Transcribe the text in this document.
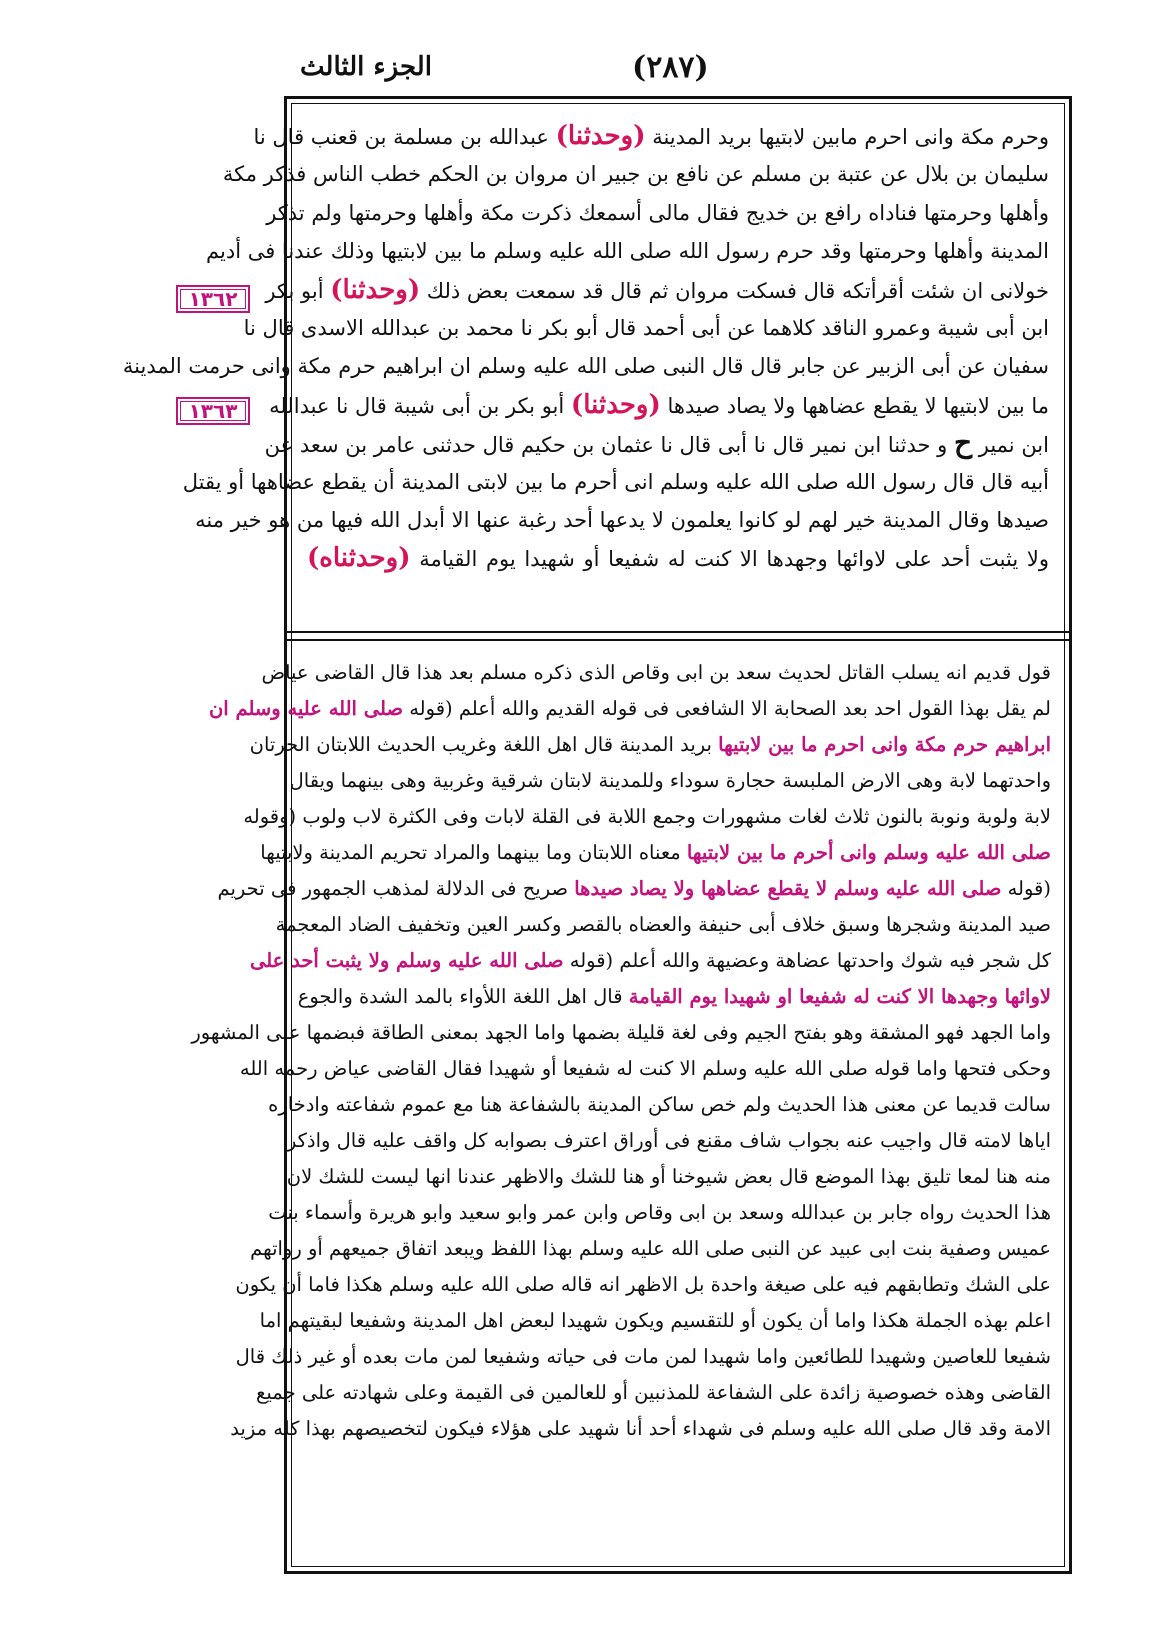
الجزء الثالث	(٢٨٧)
١٣٦٢
١٣٦٣
وحرم مكة وانى احرم مابين لابتيها بريد المدينة (وحدثنا) عبدالله بن مسلمة بن قعنب قال نا
سليمان بن بلال عن عتبة بن مسلم عن نافع بن جبير ان مروان بن الحكم خطب الناس فذكر مكة
وأهلها وحرمتها فناداه رافع بن خديج فقال مالى أسمعك ذكرت مكة وأهلها وحرمتها ولم تذكر
المدينة وأهلها وحرمتها وقد حرم رسول الله صلى الله عليه وسلم ما بين لابتيها وذلك عندنا فى أديم
خولانى ان شئت أقرأتكه قال فسكت مروان ثم قال قد سمعت بعض ذلك (وحدثنا) أبو بكر
ابن أبى شيبة وعمرو الناقد كلاهما عن أبى أحمد قال أبو بكر نا محمد بن عبدالله الاسدى قال نا
سفيان عن أبى الزبير عن جابر قال قال النبى صلى الله عليه وسلم ان ابراهيم حرم مكة وانى حرمت المدينة
ما بين لابتيها لا يقطع عضاهها ولا يصاد صيدها (وحدثنا) أبو بكر بن أبى شيبة قال نا عبدالله
ابن نمير ح و حدثنا ابن نمير قال نا أبى قال نا عثمان بن حكيم قال حدثنى عامر بن سعد عن
أبيه قال قال رسول الله صلى الله عليه وسلم انى أحرم ما بين لابتى المدينة أن يقطع عضاهها أو يقتل
صيدها وقال المدينة خير لهم لو كانوا يعلمون لا يدعها أحد رغبة عنها الا أبدل الله فيها من هو خير منه
ولا يثبت أحد على لاوائها وجهدها الا كنت له شفيعا أو شهيدا يوم القيامة (وحدثناه)
قول قديم انه يسلب القاتل لحديث سعد بن ابى وقاص الذى ذكره مسلم بعد هذا قال القاضى عياض
لم يقل بهذا القول احد بعد الصحابة الا الشافعى فى قوله القديم والله أعلم (قوله صلى الله عليه وسلم ان
ابراهيم حرم مكة وانى احرم ما بين لابتيها بريد المدينة قال اهل اللغة وغريب الحديث اللابتان الحرتان
واحدتهما لابة وهى الارض الملبسة حجارة سوداء وللمدينة لابتان شرقية وغربية وهى بينهما ويقال
لابة ولوبة ونوبة بالنون ثلاث لغات مشهورات وجمع اللابة فى القلة لابات وفى الكثرة لاب ولوب (وقوله
صلى الله عليه وسلم وانى أحرم ما بين لابتيها معناه اللابتان وما بينهما والمراد تحريم المدينة ولابتيها
(قوله صلى الله عليه وسلم لا يقطع عضاهها ولا يصاد صيدها صريح فى الدلالة لمذهب الجمهور فى تحريم
صيد المدينة وشجرها وسبق خلاف أبى حنيفة والعضاه بالقصر وكسر العين وتخفيف الضاد المعجمة
كل شجر فيه شوك واحدتها عضاهة وعضيهة والله أعلم (قوله صلى الله عليه وسلم ولا يثبت أحد على
لاوائها وجهدها الا كنت له شفيعا او شهيدا يوم القيامة قال اهل اللغة اللأواء بالمد الشدة والجوع
واما الجهد فهو المشقة وهو بفتح الجيم وفى لغة قليلة بضمها واما الجهد بمعنى الطاقة فبضمها على المشهور
وحكى فتحها واما قوله صلى الله عليه وسلم الا كنت له شفيعا أو شهيدا فقال القاضى عياض رحمه الله
سالت قديما عن معنى هذا الحديث ولم خص ساكن المدينة بالشفاعة هنا مع عموم شفاعته وادخاره
اياها لامته قال واجيب عنه بجواب شاف مقنع فى أوراق اعترف بصوابه كل واقف عليه قال واذكر
منه هنا لمعا تليق بهذا الموضع قال بعض شيوخنا أو هنا للشك والاظهر عندنا انها ليست للشك لان
هذا الحديث رواه جابر بن عبدالله وسعد بن ابى وقاص وابن عمر وابو سعيد وابو هريرة وأسماء بنت
عميس وصفية بنت ابى عبيد عن النبى صلى الله عليه وسلم بهذا اللفظ ويبعد اتفاق جميعهم أو رواتهم
على الشك وتطابقهم فيه على صيغة واحدة بل الاظهر انه قاله صلى الله عليه وسلم هكذا فاما أن يكون
اعلم بهذه الجملة هكذا واما أن يكون أو للتقسيم ويكون شهيدا لبعض اهل المدينة وشفيعا لبقيتهم اما
شفيعا للعاصين وشهيدا للطائعين واما شهيدا لمن مات فى حياته وشفيعا لمن مات بعده أو غير ذلك قال
القاضى وهذه خصوصية زائدة على الشفاعة للمذنبين أو للعالمين فى القيمة وعلى شهادته على جميع
الامة وقد قال صلى الله عليه وسلم فى شهداء أحد أنا شهيد على هؤلاء فيكون لتخصيصهم بهذا كله مزيد
